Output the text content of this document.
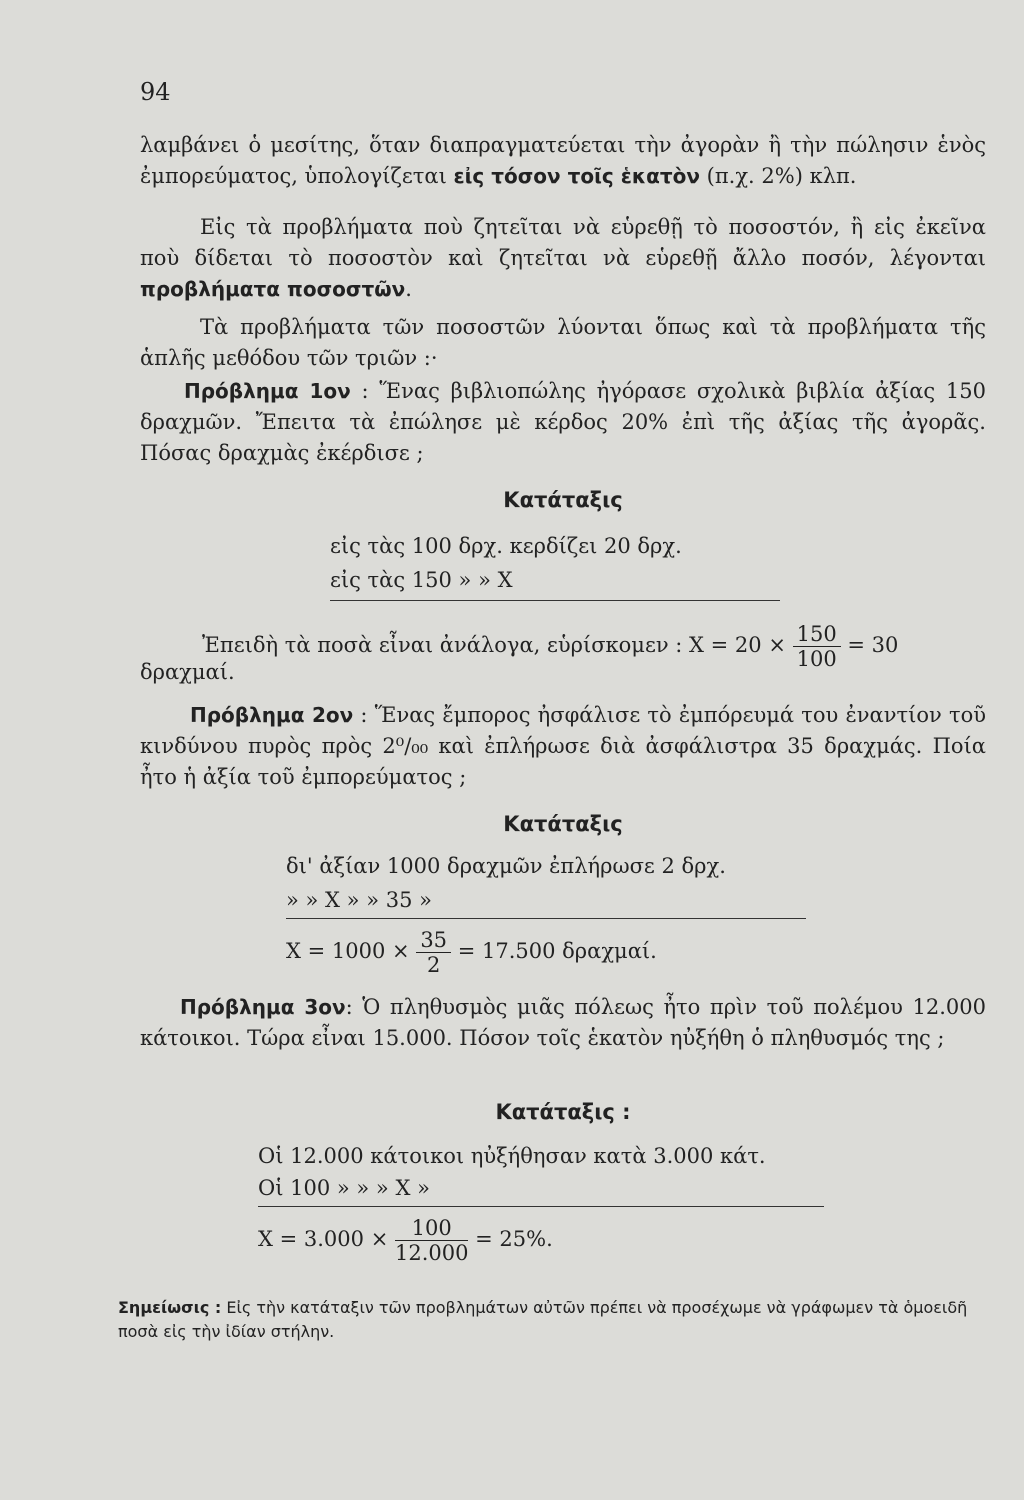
94
λαμβάνει ὁ μεσίτης, ὅταν διαπραγματεύεται τὴν ἀγορὰν ἢ τὴν πώλησιν ἑνὸς ἐμπορεύματος, ὑπολογίζεται εἰς τόσον τοῖς ἑκατὸν (π.χ. 2%) κλπ.
Εἰς τὰ προβλήματα ποὺ ζητεῖται νὰ εὑρεθῇ τὸ ποσοστόν, ἢ εἰς ἐκεῖνα ποὺ δίδεται τὸ ποσοστὸν καὶ ζητεῖται νὰ εὑρεθῇ ἄλλο ποσόν, λέγονται προβλήματα ποσοστῶν.
Τὰ προβλήματα τῶν ποσοστῶν λύονται ὅπως καὶ τὰ προβλήματα τῆς ἁπλῆς μεθόδου τῶν τριῶν :·
Πρόβλημα 1ον : Ἕνας βιβλιοπώλης ἠγόρασε σχολικὰ βιβλία ἀξίας 150 δραχμῶν. Ἔπειτα τὰ ἐπώλησε μὲ κέρδος 20% ἐπὶ τῆς ἀξίας τῆς ἀγορᾶς. Πόσας δραχμὰς ἐκέρδισε ;
Κατάταξις
εἰς τὰς 100 δρχ. κερδίζει 20 δρχ.
εἰς τὰς 150 » » X
Ἐπειδὴ τὰ ποσὰ εἶναι ἀνάλογα, εὑρίσκομεν : $X = 20 \times \frac{150}{100} = 30$
δραχμαί.
Πρόβλημα 2ον : Ἕνας ἔμπορος ἠσφάλισε τὸ ἐμπόρευμά του ἐναντίον τοῦ κινδύνου πυρὸς πρὸς 2⁰/₀₀ καὶ ἐπλήρωσε διὰ ἀσφάλιστρα 35 δραχμάς. Ποία ἦτο ἡ ἀξία τοῦ ἐμπορεύματος ;
Κατάταξις
δι' ἀξίαν 1000 δραχμῶν ἐπλήρωσε 2 δρχ.
» » X » » 35 »
$X = 1000 \times \frac{35}{2} = 17.500$ δραχμαί.
Πρόβλημα 3ον: Ὁ πληθυσμὸς μιᾶς πόλεως ἦτο πρὶν τοῦ πολέμου 12.000 κάτοικοι. Τώρα εἶναι 15.000. Πόσον τοῖς ἑκατὸν ηὐξήθη ὁ πληθυσμός της ;
Κατάταξις :
Οἱ 12.000 κάτοικοι ηὐξήθησαν κατὰ 3.000 κάτ.
Οἱ 100 » » » X »
$X = 3.000 \times \frac{100}{12.000} = 25\%$.
Σημείωσις : Εἰς τὴν κατάταξιν τῶν προβλημάτων αὐτῶν πρέπει νὰ προσέχωμε νὰ γράφωμεν τὰ ὁμοειδῆ ποσὰ εἰς τὴν ἰδίαν στήλην.
